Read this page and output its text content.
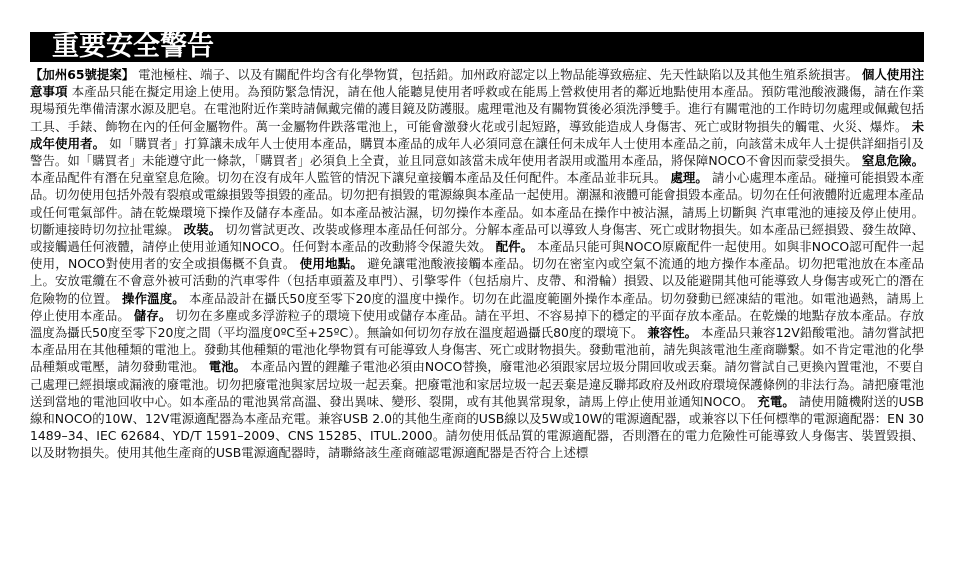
重要安全警告

【加州65號提案】 電池極柱、端子、以及有關配件均含有化學物質，包括鉛。加州政府認定以上物品能導致癌症、先天性缺陷以及其他生殖系統損害。 個人使用注意事項 本產品只能在擬定用途上使用。為預防緊急情況，請在他人能聽見使用者呼救或在能馬上營救使用者的鄰近地點使用本產品。預防電池酸液濺傷，請在作業現場預先準備清潔水源及肥皂。在電池附近作業時請佩戴完備的護目鏡及防護服。處理電池及有關物質後必須洗淨雙手。進行有關電池的工作時切勿處理或佩戴包括工具、手錶、飾物在內的任何金屬物件。萬一金屬物件跌落電池上，可能會激發火花或引起短路，導致能造成人身傷害、死亡或財物損失的觸電、火災、爆炸。 未成年使用者。 如「購買者」打算讓未成年人士使用本產品，購買本產品的成年人必須同意在讓任何未成年人士使用本產品之前，向該當未成年人士提供詳細指引及警告。如「購買者」未能遵守此一條款，「購買者」必須負上全責，並且同意如該當未成年使用者誤用或濫用本產品，將保障NOCO不會因而蒙受損失。 窒息危險。 本產品配件有潛在兒童窒息危險。切勿在沒有成年人監管的情況下讓兒童接觸本產品及任何配件。本產品並非玩具。 處理。 請小心處理本產品。碰撞可能損毀本產品。切勿使用包括外殼有裂痕或電線損毀等損毀的產品。切勿把有損毀的電源線與本產品一起使用。潮濕和液體可能會損毀本產品。切勿在任何液體附近處理本產品或任何電氣部件。請在乾燥環境下操作及儲存本產品。如本產品被沾濕，切勿操作本產品。如本產品在操作中被沾濕，請馬上切斷與 汽車電池的連接及停止使用。切斷連接時切勿拉扯電線。 改裝。 切勿嘗試更改、改裝或修理本產品任何部分。分解本產品可以導致人身傷害、死亡或財物損失。如本產品已經損毀、發生故障、或接觸過任何液體，請停止使用並通知NOCO。任何對本產品的改動將令保證失效。 配件。 本產品只能可與NOCO原廠配件一起使用。如與非NOCO認可配件一起使用，NOCO對使用者的安全或損傷概不負責。 使用地點。 避免讓電池酸液接觸本產品。切勿在密室內或空氣不流通的地方操作本產品。切勿把電池放在本產品上。安放電纜在不會意外被可活動的汽車零件（包括車頭蓋及車門）、引擎零件（包括扇片、皮帶、和滑輪）損毀、以及能避開其他可能導致人身傷害或死亡的潛在危險物的位置。 操作溫度。 本產品設計在攝氏50度至零下20度的溫度中操作。切勿在此溫度範圍外操作本產品。切勿發動已經凍結的電池。如電池過熱，請馬上停止使用本產品。 儲存。 切勿在多塵或多浮游粒子的環境下使用或儲存本產品。請在平坦、不容易掉下的穩定的平面存放本產品。在乾燥的地點存放本產品。存放溫度為攝氏50度至零下20度之間（平均溫度0ºC至+25ºC）。無論如何切勿存放在溫度超過攝氏80度的環境下。 兼容性。 本產品只兼容12V鉛酸電池。請勿嘗試把本產品用在其他種類的電池上。發動其他種類的電池化學物質有可能導致人身傷害、死亡或財物損失。發動電池前，請先與該電池生產商聯繫。如不肯定電池的化學品種類或電壓，請勿發動電池。 電池。 本產品內置的鋰離子電池必須由NOCO替換，廢電池必須跟家居垃圾分開回收或丟棄。請勿嘗試自己更換內置電池，不要自己處理已經損壞或漏液的廢電池。切勿把廢電池與家居垃圾一起丟棄。把廢電池和家居垃圾一起丟棄是違反聯邦政府及州政府環境保護條例的非法行為。請把廢電池送到當地的電池回收中心。如本產品的電池異常高溫、發出異味、變形、裂開，或有其他異常現象，請馬上停止使用並通知NOCO。 充電。 請使用隨機附送的USB線和NOCO的10W、12V電源適配器為本產品充電。兼容USB 2.0的其他生產商的USB線以及5W或10W的電源適配器，或兼容以下任何標準的電源適配器：EN 301489–34、IEC 62684、YD/T 1591–2009、CNS 15285、ITUL.2000。請勿使用低品質的電源適配器，否則潛在的電力危險性可能導致人身傷害、裝置毀損、以及財物損失。使用其他生產商的USB電源適配器時，請聯絡該生產商確認電源適配器是否符合上述標
